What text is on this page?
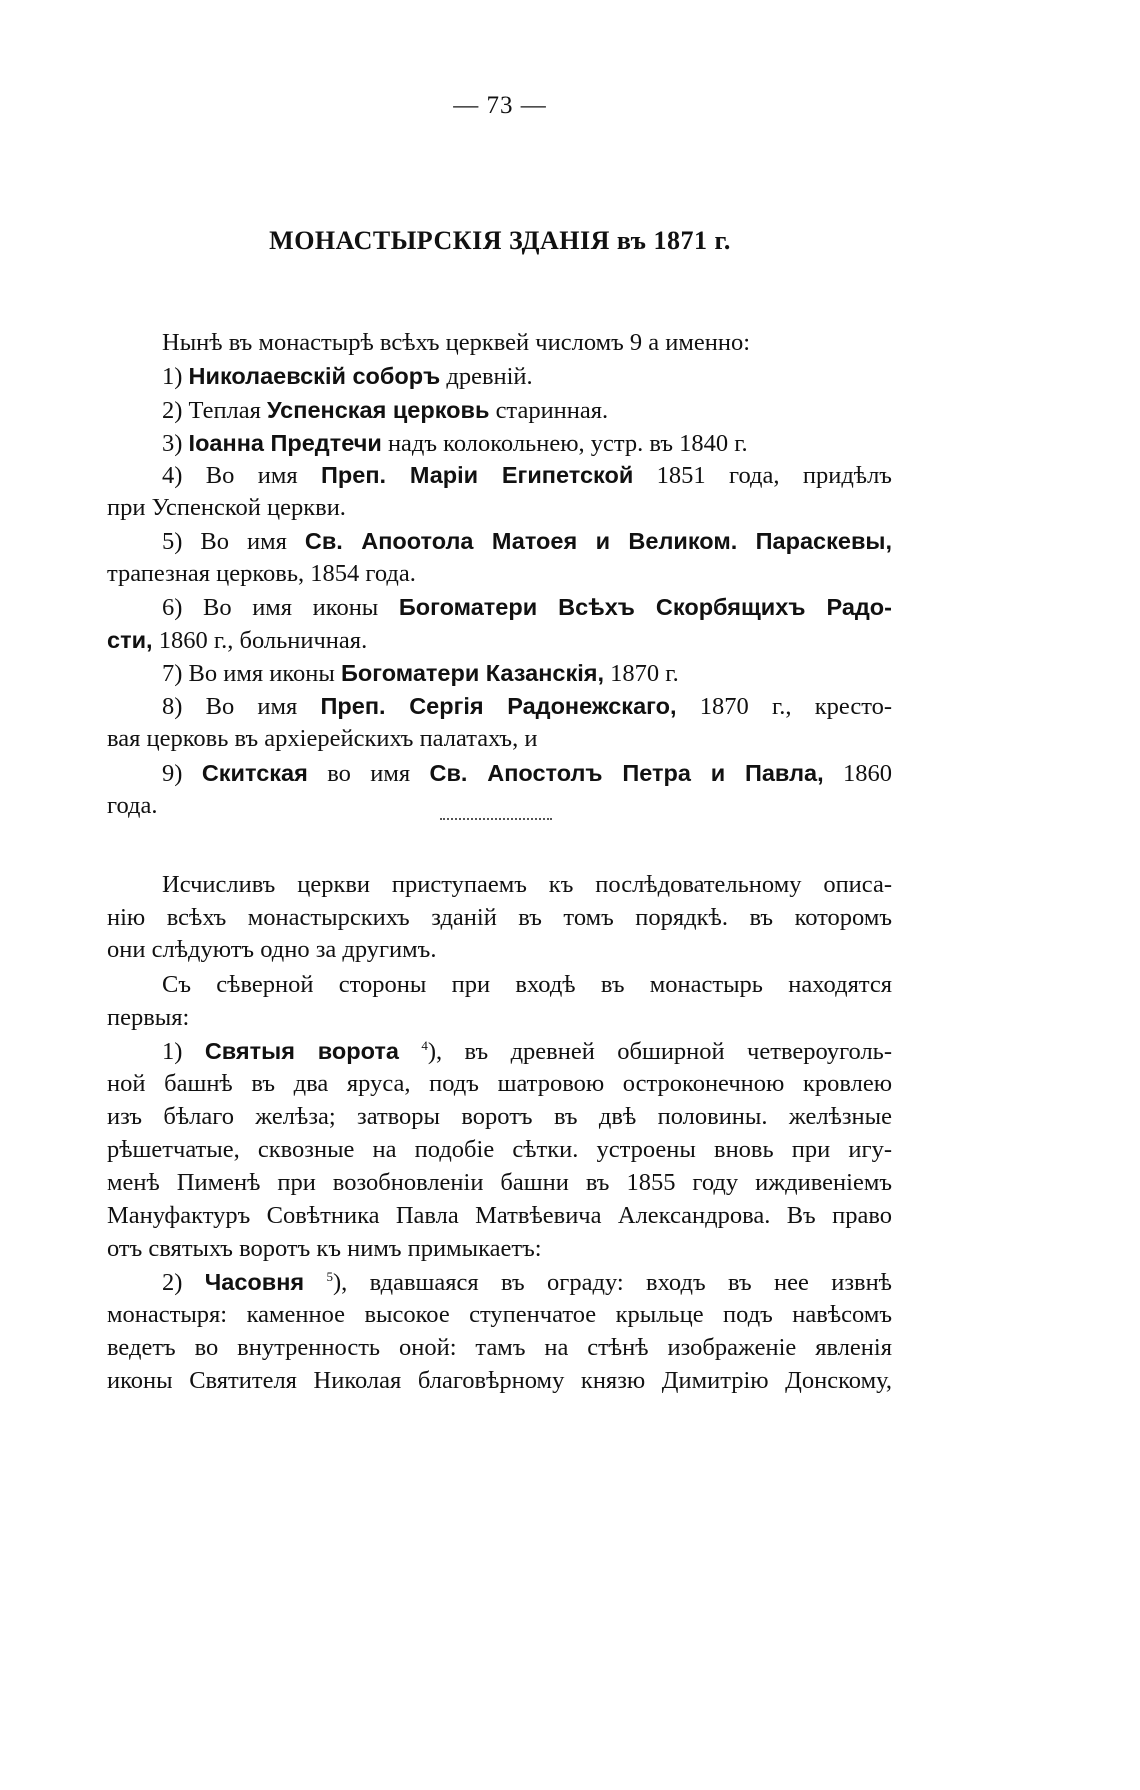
— 73 —
МОНАСТЫРСКІЯ ЗДАНІЯ въ 1871 г.

Нынѣ въ монастырѣ всѣхъ церквей числомъ 9 а именно:

1) Николаевскій соборъ древній.

2) Теплая Успенская церковь старинная.

3) Іоанна Предтечи надъ колокольнею, устр. въ 1840 г.

4) Во имя Преп. Маріи Египетской 1851 года, придѣлъ

при Успенской церкви.

5) Во имя Св. Апоотола Матоея и Великом. Параскевы,

трапезная церковь, 1854 года.

6) Во имя иконы Богоматери Всѣхъ Скорбящихъ Радо-

сти, 1860 г., больничная.

7) Во имя иконы Богоматери Казанскія, 1870 г.

8) Во имя Преп. Сергія Радонежскаго, 1870 г., кресто-

вая церковь въ архіерейскихъ палатахъ, и

9) Скитская во имя Св. Апостолъ Петра и Павла, 1860

года.

Исчисливъ церкви приступаемъ къ послѣдовательному описа-

нію всѣхъ монастырскихъ зданій въ томъ порядкѣ. въ которомъ

они слѣдуютъ одно за другимъ.

Съ сѣверной стороны при входѣ въ монастырь находятся

первыя:

1) Святыя ворота $^4$), въ древней обширной четвероуголь-

ной башнѣ въ два яруса, подъ шатровою остроконечною кровлею

изъ бѣлаго желѣза; затворы воротъ въ двѣ половины. желѣзные

рѣшетчатые, сквозные на подобіе сѣтки. устроены вновь при игу-

менѣ Пименѣ при возобновленіи башни въ 1855 году иждивеніемъ

Мануфактуръ Совѣтника Павла Матвѣевича Александрова. Въ право

отъ святыхъ воротъ къ нимъ примыкаетъ:

2) Часовня $^5$), вдавшаяся въ ограду: входъ въ нее извнѣ

монастыря: каменное высокое ступенчатое крыльце подъ навѣсомъ

ведетъ во внутренность оной: тамъ на стѣнѣ изображеніе явленія

иконы Святителя Николая благовѣрному князю Димитрію Донскому,
